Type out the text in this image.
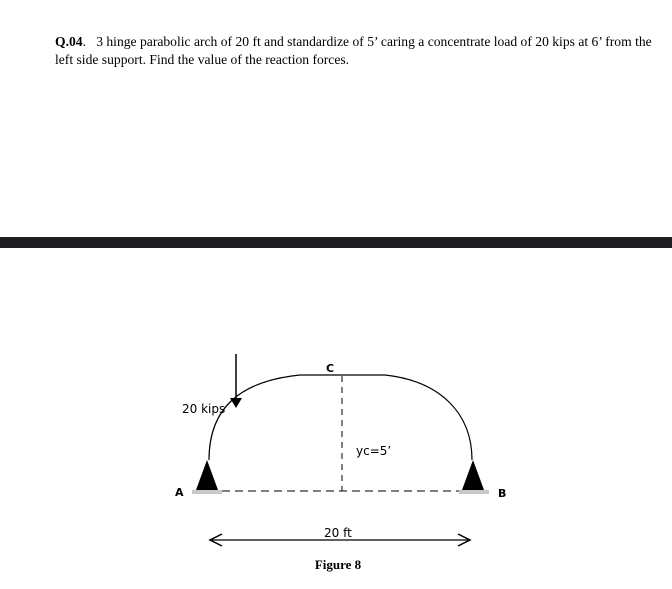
Q.04. 3 hinge parabolic arch of 20 ft and standardize of 5’ caring a concentrate load of 20 kips at 6’ from the left side support. Find the value of the reaction forces.
C
20 kips
yc=5’
A	B
20 ft
Figure 8
